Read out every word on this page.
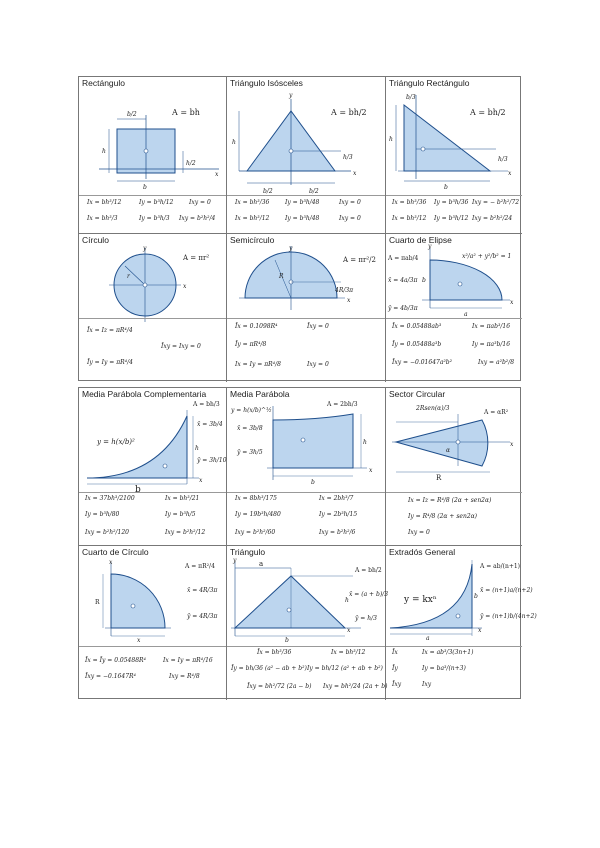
Rectángulo
b/2
h
h/2
b
x
A = bh
Ix = bh³/12	Iy = b³h/12	Ixy = 0
Ix = bh³/3	Iy = b³h/3 Ixy = b²h²/4
Triángulo Isósceles
y
h
h/3
b/2	b/2
x
A = bh/2
Ix = bh³/36	Iy = b³h/48	Ixy = 0
Ix = bh³/12	Iy = b³h/48	Ixy = 0
Triángulo Rectángulo
b/3
h
h/3
b
x
A = bh/2
Ix = bh³/36 Iy = b³h/36 Ixy = − b²h²/72
Ix = bh³/12 Iy = b³h/12 Ixy = b²h²/24
Círculo
y
r
x
A = πr²
Īx = Iz = πR⁴/4
Īxy = Ixy = 0
Īy = Iy = πR⁴/4
Semicírculo
y
R
4R/3π
x
A = πr²/2
Īx = 0.1098R⁴	Īxy = 0
Īy = πR⁴/8
Ix = Iy = πR⁴/8	Ixy = 0
Cuarto de Elipse
y
b
a
x
A = πab/4
x̄ = 4a/3π
ȳ = 4b/3π
x²/a² + y²/b² = 1
Īx = 0.05488ab³	Ix = πab³/16
Īy = 0.05488a³b	Iy = πa³b/16
Īxy = −0.01647a²b²	Ixy = a²b²/8
Media Parábola Complementaria
y = h(x/b)²
h
b
x
A = bh/3
x̄ = 3b/4
ȳ = 3h/10
Ix = 37bh³/2100	Ix = bh³/21
Iy = b³h/80	Iy = b³h/5
Ixy = b²h²/120	Ixy = b²h²/12
Media Parábola
y = h(x/b)^½
x̄ = 3b/8
ȳ = 3h/5
h
b
x
A = 2bh/3
Ix = 8bh³/175	Ix = 2bh³/7
Iy = 19b³h/480	Iy = 2b³h/15
Ixy = b²h²/60	Ixy = b²h²/6
Sector Circular
2Rsen(α)/3
α
R
x
A = αR²
Ix = Iz = R⁴/8 (2α + sen2α)
Iy = R⁴/8 (2α + sen2α)
Ixy = 0
Cuarto de Círculo
x
R
x
A = πR²/4
x̄ = 4R/3π
ȳ = 4R/3π
Īx = Īy = 0.05488R⁴	Ix = Iy = πR⁴/16
Īxy = −0.1647R⁴	Ixy = R⁴/8
Triángulo
y	a
b
h
x
A = bh/2
x̄ = (a + b)/3
ȳ = h/3
Īx = bh³/36	Ix = bh³/12
Īy = bh/36 (a² − ab + b²) Iy = bh/12 (a² + ab + b²)
Īxy = bh²/72 (2a − b) Ixy = bh²/24 (2a + b)
Extradós General
y = kxⁿ
a
b
x
A = ab/(n+1)
x̄ = (n+1)a/(n+2)
ȳ = (n+1)b/(4n+2)
Īx	Ix = ab³/3(3n+1)
Īy	Iy = ba³/(n+3)
Īxy	Ixy
